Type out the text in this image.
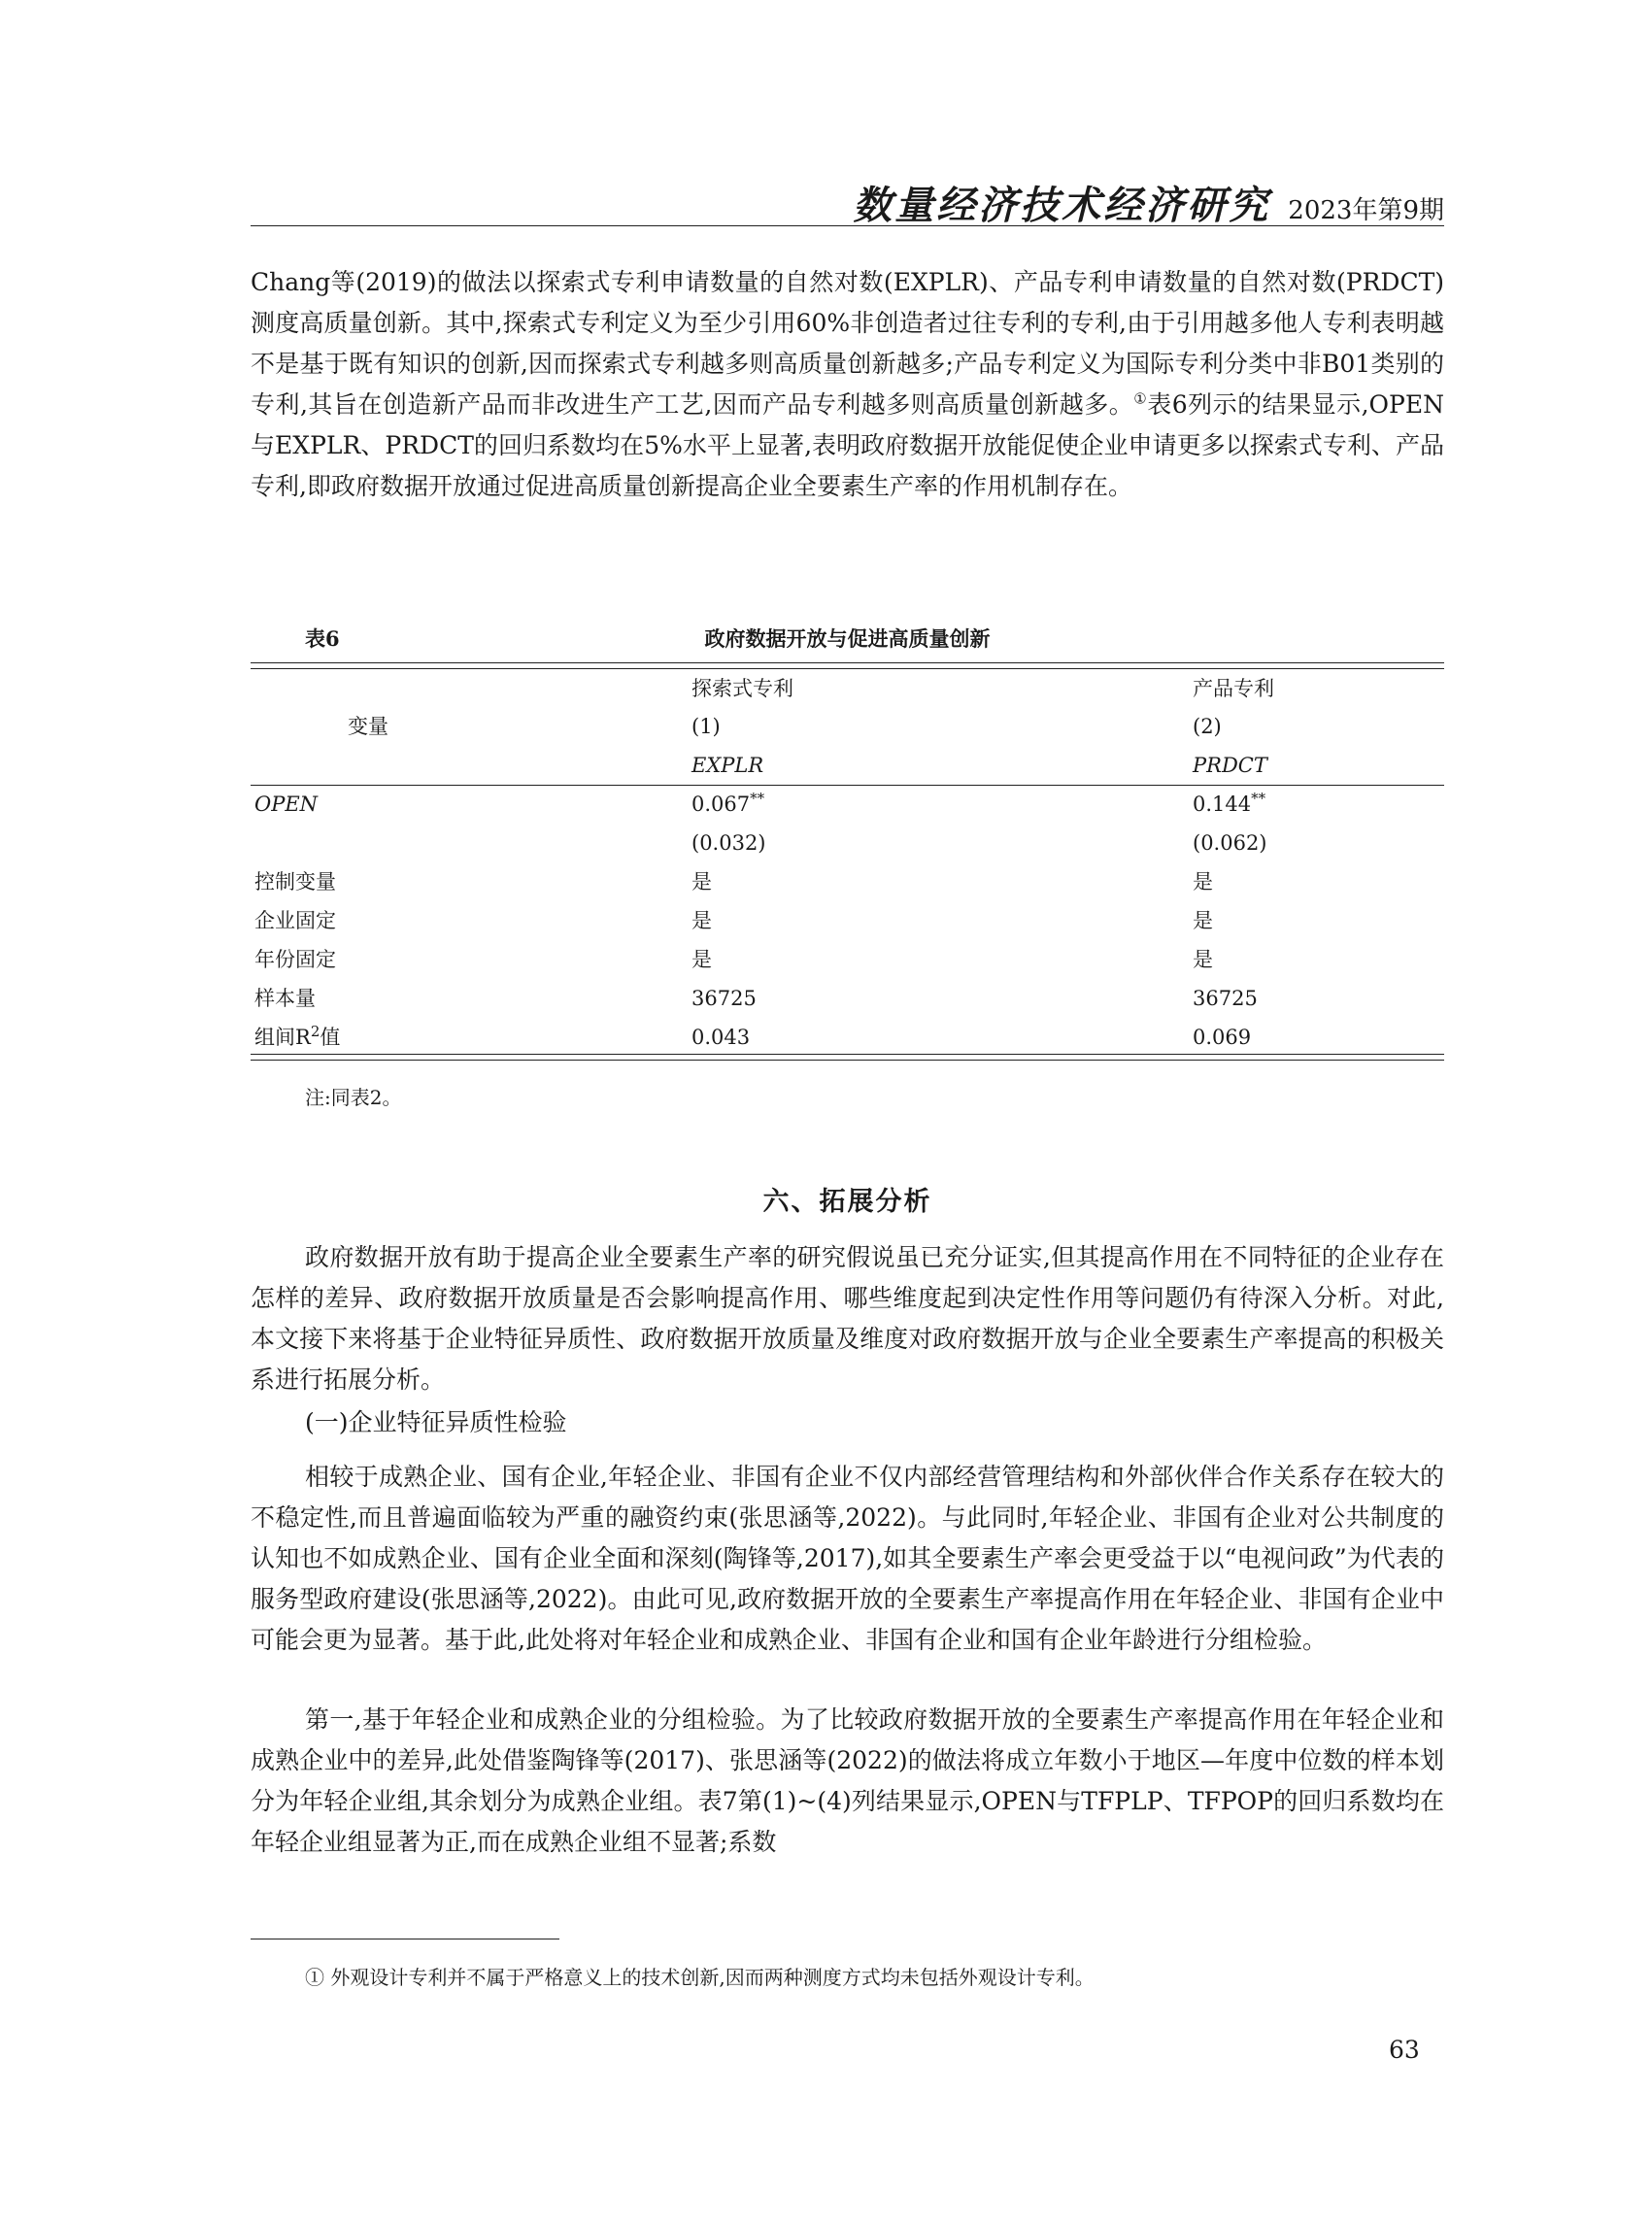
数量经济技术经济研究 2023年第9期

Chang等(2019)的做法以探索式专利申请数量的自然对数(EXPLR)、产品专利申请数量的自然对数(PRDCT)测度高质量创新。其中,探索式专利定义为至少引用60%非创造者过往专利的专利,由于引用越多他人专利表明越不是基于既有知识的创新,因而探索式专利越多则高质量创新越多;产品专利定义为国际专利分类中非B01类别的专利,其旨在创造新产品而非改进生产工艺,因而产品专利越多则高质量创新越多。①表6列示的结果显示,OPEN与EXPLR、PRDCT的回归系数均在5%水平上显著,表明政府数据开放能促使企业申请更多以探索式专利、产品专利,即政府数据开放通过促进高质量创新提高企业全要素生产率的作用机制存在。

表6	政府数据开放与促进高质量创新
变量
探索式专利	产品专利
(1)	(2)
EXPLR	PRDCT
OPEN	0.067**	0.144**
(0.032)	(0.062)
控制变量	是	是
企业固定	是	是
年份固定	是	是
样本量	36725	36725
组间$R^2$值	0.043	0.069
注:同表2。
六、拓展分析

政府数据开放有助于提高企业全要素生产率的研究假说虽已充分证实,但其提高作用在不同特征的企业存在怎样的差异、政府数据开放质量是否会影响提高作用、哪些维度起到决定性作用等问题仍有待深入分析。对此,本文接下来将基于企业特征异质性、政府数据开放质量及维度对政府数据开放与企业全要素生产率提高的积极关系进行拓展分析。

(一)企业特征异质性检验

相较于成熟企业、国有企业,年轻企业、非国有企业不仅内部经营管理结构和外部伙伴合作关系存在较大的不稳定性,而且普遍面临较为严重的融资约束(张思涵等,2022)。与此同时,年轻企业、非国有企业对公共制度的认知也不如成熟企业、国有企业全面和深刻(陶锋等,2017),如其全要素生产率会更受益于以“电视问政”为代表的服务型政府建设(张思涵等,2022)。由此可见,政府数据开放的全要素生产率提高作用在年轻企业、非国有企业中可能会更为显著。基于此,此处将对年轻企业和成熟企业、非国有企业和国有企业年龄进行分组检验。

第一,基于年轻企业和成熟企业的分组检验。为了比较政府数据开放的全要素生产率提高作用在年轻企业和成熟企业中的差异,此处借鉴陶锋等(2017)、张思涵等(2022)的做法将成立年数小于地区—年度中位数的样本划分为年轻企业组,其余划分为成熟企业组。表7第(1)~(4)列结果显示,OPEN与TFPLP、TFPOP的回归系数均在年轻企业组显著为正,而在成熟企业组不显著;系数

① 外观设计专利并不属于严格意义上的技术创新,因而两种测度方式均未包括外观设计专利。
63
